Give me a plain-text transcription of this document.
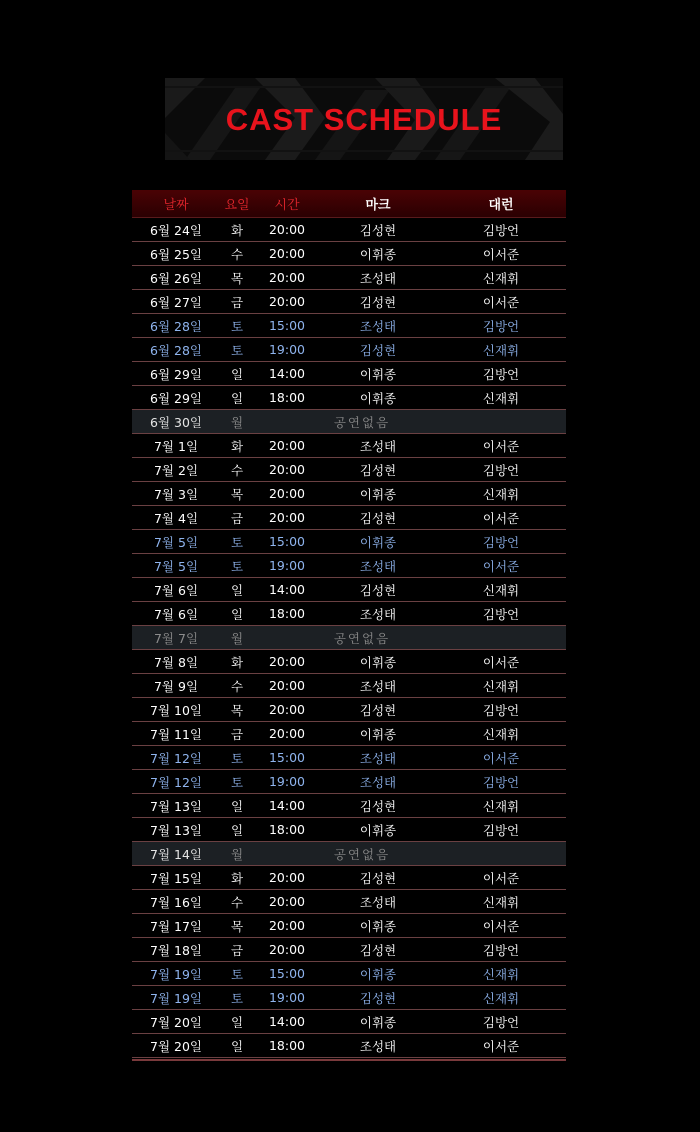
CAST SCHEDULE
날짜	요일	시간	마크	대런
6월 24일	화	20:00	김성현	김방언
6월 25일	수	20:00	이휘종	이서준
6월 26일	목	20:00	조성태	신재휘
6월 27일	금	20:00	김성현	이서준
6월 28일	토	15:00	조성태	김방언
6월 28일	토	19:00	김성현	신재휘
6월 29일	일	14:00	이휘종	김방언
6월 29일	일	18:00	이휘종	신재휘
6월 30일	월	공연없음
7월 1일	화	20:00	조성태	이서준
7월 2일	수	20:00	김성현	김방언
7월 3일	목	20:00	이휘종	신재휘
7월 4일	금	20:00	김성현	이서준
7월 5일	토	15:00	이휘종	김방언
7월 5일	토	19:00	조성태	이서준
7월 6일	일	14:00	김성현	신재휘
7월 6일	일	18:00	조성태	김방언
7월 7일	월	공연없음
7월 8일	화	20:00	이휘종	이서준
7월 9일	수	20:00	조성태	신재휘
7월 10일	목	20:00	김성현	김방언
7월 11일	금	20:00	이휘종	신재휘
7월 12일	토	15:00	조성태	이서준
7월 12일	토	19:00	조성태	김방언
7월 13일	일	14:00	김성현	신재휘
7월 13일	일	18:00	이휘종	김방언
7월 14일	월	공연없음
7월 15일	화	20:00	김성현	이서준
7월 16일	수	20:00	조성태	신재휘
7월 17일	목	20:00	이휘종	이서준
7월 18일	금	20:00	김성현	김방언
7월 19일	토	15:00	이휘종	신재휘
7월 19일	토	19:00	김성현	신재휘
7월 20일	일	14:00	이휘종	김방언
7월 20일	일	18:00	조성태	이서준
